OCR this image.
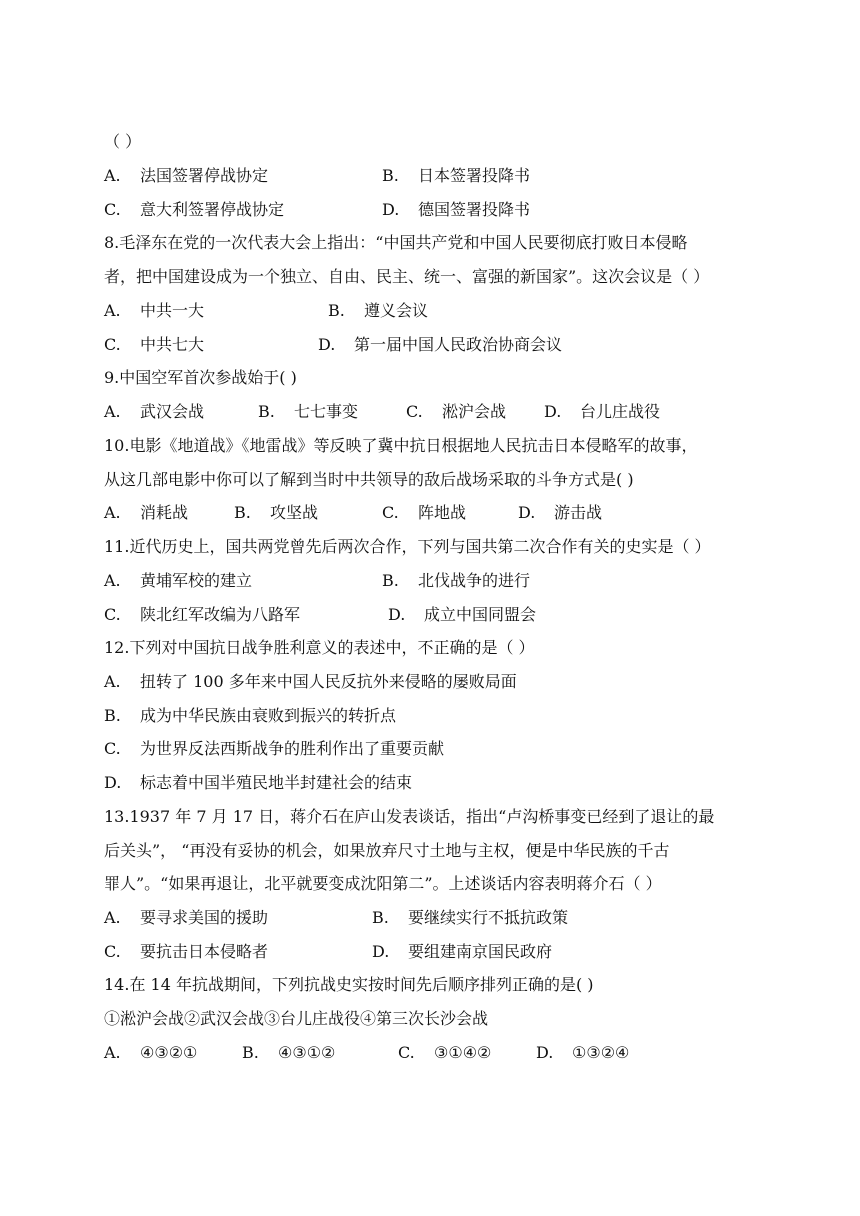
（ ）
A. 法国签署停战协定	B. 日本签署投降书
C. 意大利签署停战协定	D. 德国签署投降书
8.毛泽东在党的一次代表大会上指出：“中国共产党和中国人民要彻底打败日本侵略
者，把中国建设成为一个独立、自由、民主、统一、富强的新国家”。这次会议是（ ）
A. 中共一大	B. 遵义会议
C. 中共七大	D. 第一届中国人民政治协商会议
9.中国空军首次参战始于( )
A. 武汉会战	B. 七七事变	C. 淞沪会战 D. 台儿庄战役
10.电影《地道战》《地雷战》等反映了冀中抗日根据地人民抗击日本侵略军的故事，
从这几部电影中你可以了解到当时中共领导的敌后战场采取的斗争方式是( )
A. 消耗战	B. 攻坚战	C. 阵地战	D. 游击战
11.近代历史上，国共两党曾先后两次合作，下列与国共第二次合作有关的史实是（ ）
A. 黄埔军校的建立	B. 北伐战争的进行
C. 陕北红军改编为八路军	D. 成立中国同盟会
12.下列对中国抗日战争胜利意义的表述中，不正确的是（ ）
A. 扭转了 100 多年来中国人民反抗外来侵略的屡败局面
B. 成为中华民族由衰败到振兴的转折点
C. 为世界反法西斯战争的胜利作出了重要贡献
D. 标志着中国半殖民地半封建社会的结束
13.1937 年 7 月 17 日，蒋介石在庐山发表谈话，指出“卢沟桥事变已经到了退让的最
后关头”， “再没有妥协的机会，如果放弃尺寸土地与主权，便是中华民族的千古
罪人”。“如果再退让，北平就要变成沈阳第二”。上述谈话内容表明蒋介石（ ）
A. 要寻求美国的援助	B. 要继续实行不抵抗政策
C. 要抗击日本侵略者	D. 要组建南京国民政府
14.在 14 年抗战期间，下列抗战史实按时间先后顺序排列正确的是( )
①淞沪会战②武汉会战③台儿庄战役④第三次长沙会战
A. ④③②①	B. ④③①②	C. ③①④②	D. ①③②④
